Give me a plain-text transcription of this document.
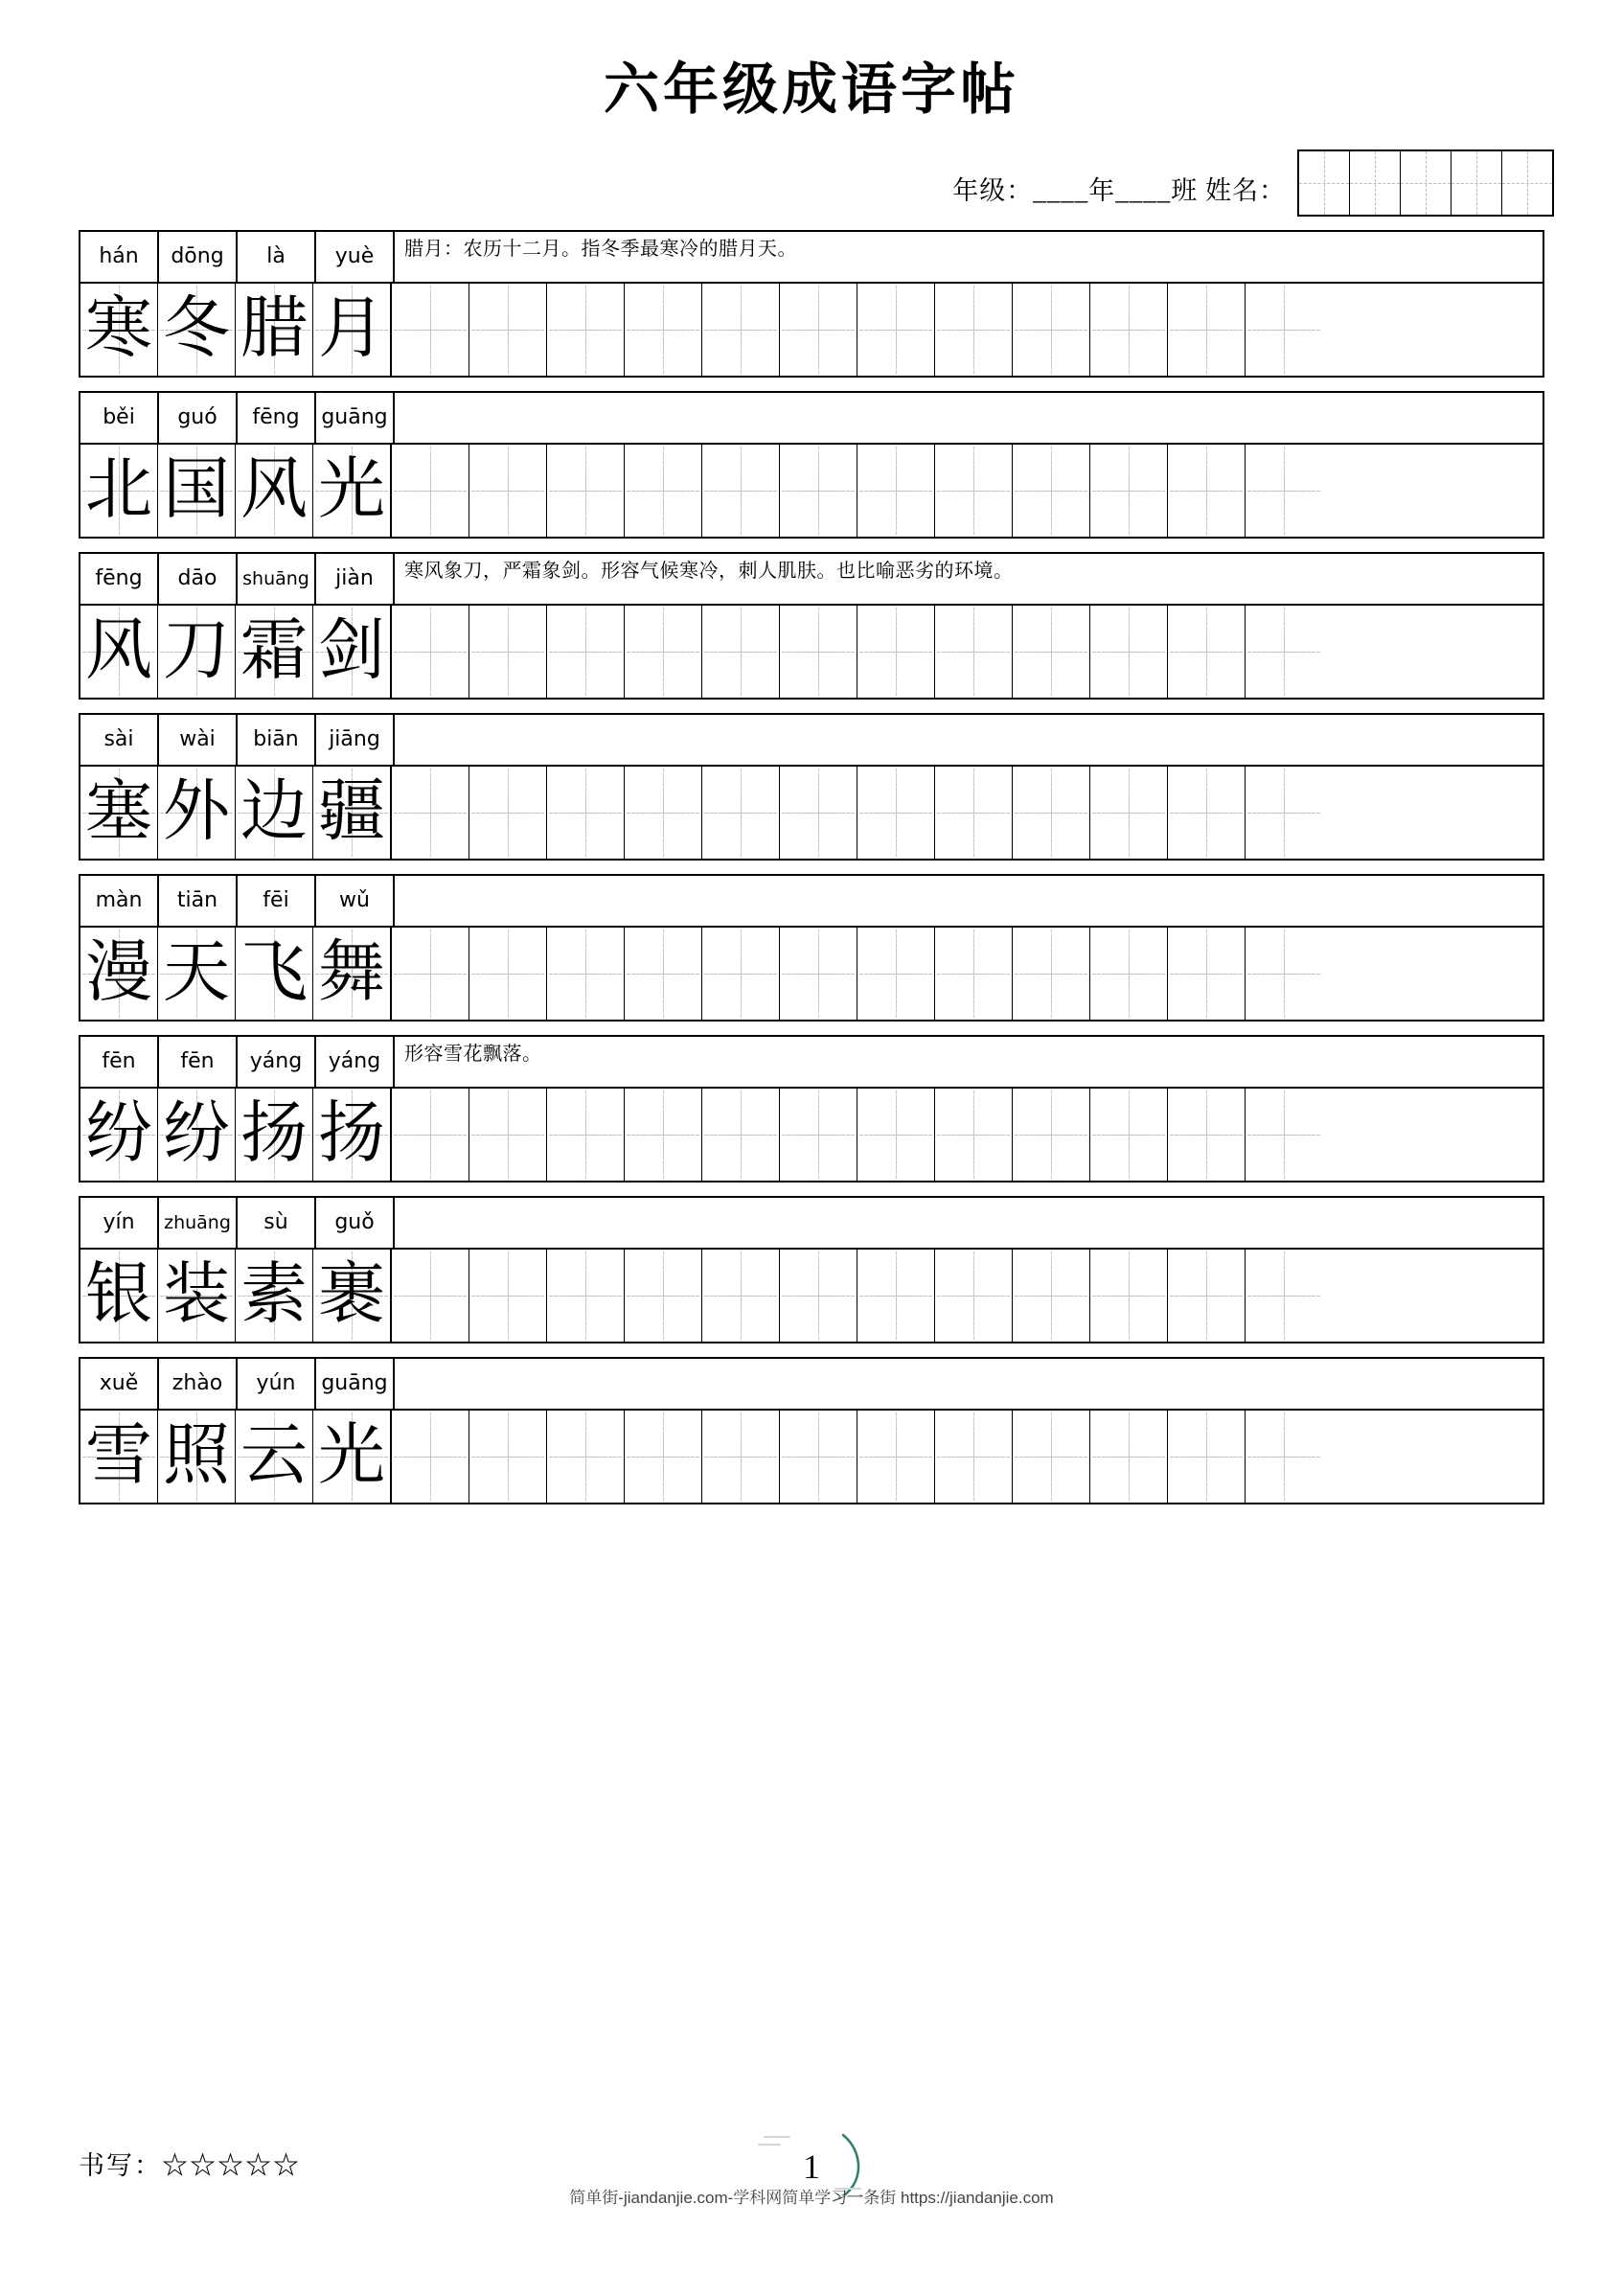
六年级成语字帖
年级：____年____班 姓名：
hán	dōng	là	yuè	腊月：农历十二月。指冬季最寒冷的腊月天。
寒 冬 腊 月
běi	guó	fēng	guāng
北 国 风 光
fēng	dāo	shuāng	jiàn	寒风象刀，严霜象剑。形容气候寒冷，刺人肌肤。也比喻恶劣的环境。
风 刀 霜 剑
sài	wài	biān	jiāng
塞 外 边 疆
màn	tiān	fēi	wǔ
漫 天 飞 舞
fēn	fēn	yáng	yáng	形容雪花飘落。
纷 纷 扬 扬
yín	zhuāng	sù	guǒ
银 装 素 裹
xuě	zhào	yún	guāng
雪 照 云 光
书写：☆☆☆☆☆	1
简单街-jiandanjie.com-学科网简单学习一条街 https://jiandanjie.com
